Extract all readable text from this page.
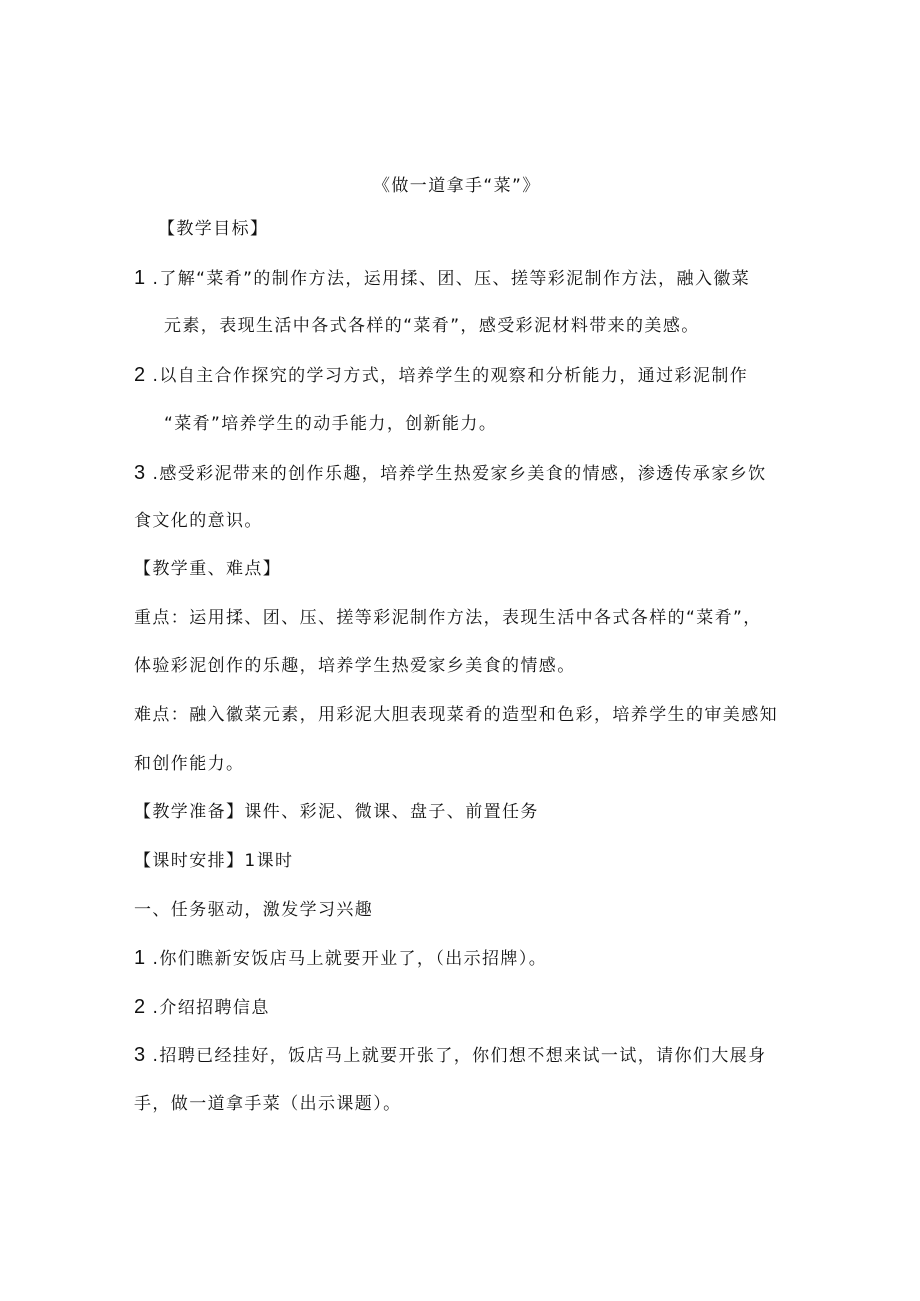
《做一道拿手“菜”》
【教学目标】
1 .了解“菜肴”的制作方法，运用揉、团、压、搓等彩泥制作方法，融入徽菜
元素，表现生活中各式各样的“菜肴”，感受彩泥材料带来的美感。
2 .以自主合作探究的学习方式，培养学生的观察和分析能力，通过彩泥制作
“菜肴”培养学生的动手能力，创新能力。
3 .感受彩泥带来的创作乐趣，培养学生热爱家乡美食的情感，渗透传承家乡饮
食文化的意识。
【教学重、难点】
重点：运用揉、团、压、搓等彩泥制作方法，表现生活中各式各样的“菜肴”，
体验彩泥创作的乐趣，培养学生热爱家乡美食的情感。
难点：融入徽菜元素，用彩泥大胆表现菜肴的造型和色彩，培养学生的审美感知
和创作能力。
【教学准备】课件、彩泥、微课、盘子、前置任务
【课时安排】1课时
一、任务驱动，激发学习兴趣
1 .你们瞧新安饭店马上就要开业了，（出示招牌）。
2 .介绍招聘信息
3 .招聘已经挂好，饭店马上就要开张了，你们想不想来试一试，请你们大展身
手，做一道拿手菜（出示课题）。
